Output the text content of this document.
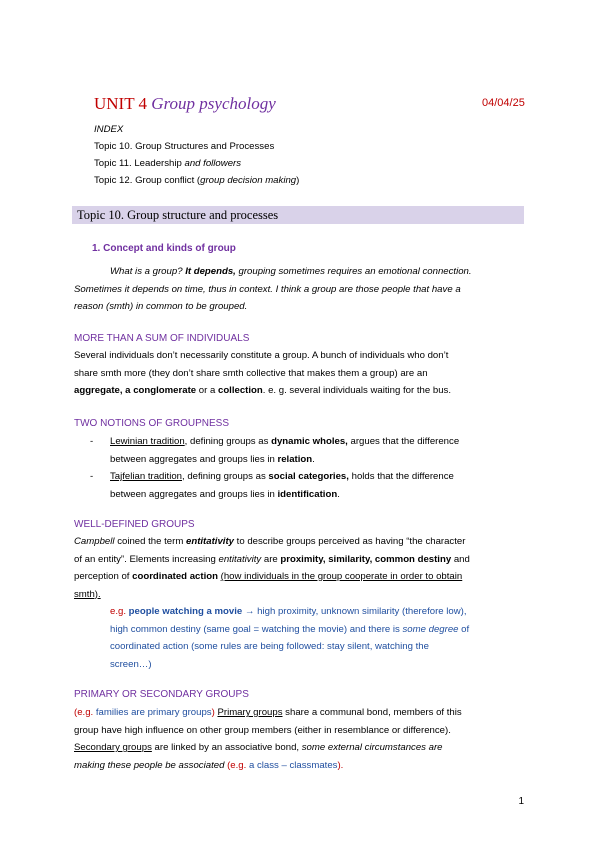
UNIT 4 Group psychology	04/04/25
INDEX
Topic 10. Group Structures and Processes
Topic 11. Leadership and followers
Topic 12. Group conflict (group decision making)
Topic 10. Group structure and processes
1. Concept and kinds of group
What is a group? It depends, grouping sometimes requires an emotional connection.
Sometimes it depends on time, thus in context. I think a group are those people that have a
reason (smth) in common to be grouped.
MORE THAN A SUM OF INDIVIDUALS
Several individuals don’t necessarily constitute a group. A bunch of individuals who don’t
share smth more (they don’t share smth collective that makes them a group) are an
aggregate, a conglomerate or a collection. e. g. several individuals waiting for the bus.
TWO NOTIONS OF GROUPNESS
- Lewinian tradition, defining groups as dynamic wholes, argues that the difference
between aggregates and groups lies in relation.
- Tajfelian tradition, defining groups as social categories, holds that the difference
between aggregates and groups lies in identification.
WELL-DEFINED GROUPS
Campbell coined the term entitativity to describe groups perceived as having “the character
of an entity”. Elements increasing entitativity are proximity, similarity, common destiny and
perception of coordinated action (how individuals in the group cooperate in order to obtain
smth).
e.g. people watching a movie → high proximity, unknown similarity (therefore low),
high common destiny (same goal = watching the movie) and there is some degree of
coordinated action (some rules are being followed: stay silent, watching the
screen…)
PRIMARY OR SECONDARY GROUPS
(e.g. families are primary groups) Primary groups share a communal bond, members of this
group have high influence on other group members (either in resemblance or difference).
Secondary groups are linked by an associative bond, some external circumstances are
making these people be associated (e.g. a class – classmates).
1
